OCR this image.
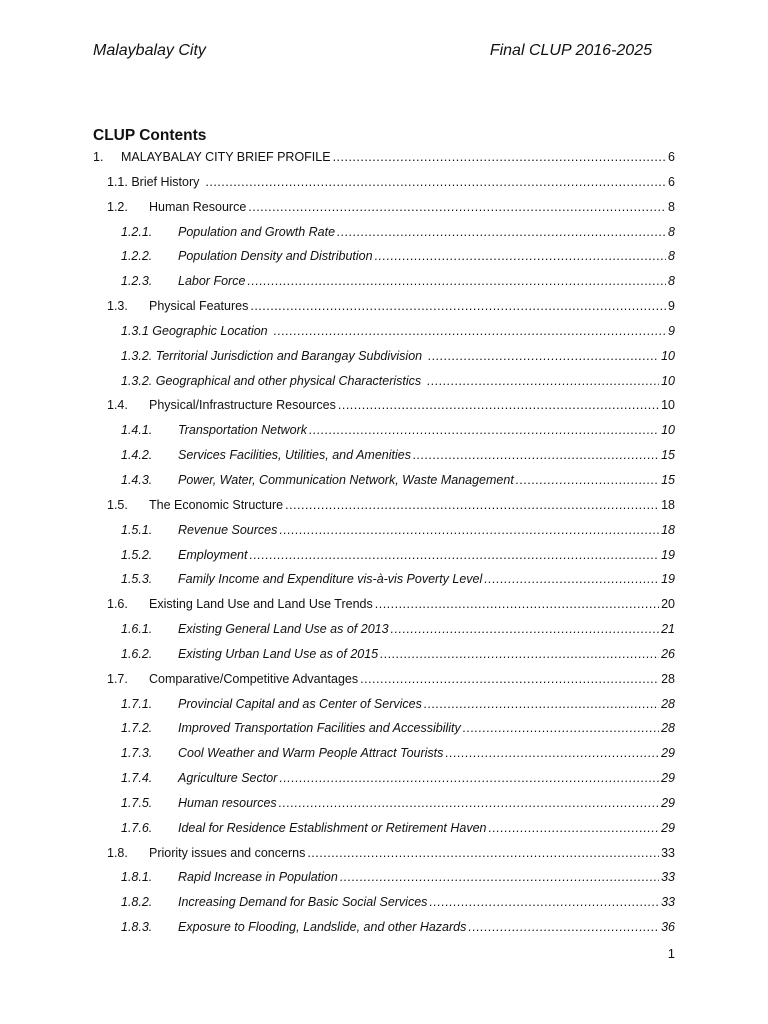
Malaybalay City	Final CLUP 2016-2025
CLUP Contents
1.	MALAYBALAY CITY BRIEF PROFILE .....	6
1.1. Brief History .....	6
1.2.	Human Resource .....	8
1.2.1.	Population and Growth Rate .....	8
1.2.2.	Population Density and Distribution .....	8
1.2.3.	Labor Force .....	8
1.3.	Physical Features .....	9
1.3.1 Geographic Location .....	9
1.3.2. Territorial Jurisdiction and Barangay Subdivision .....	10
1.3.2. Geographical and other physical Characteristics .....	10
1.4.	Physical/Infrastructure Resources .....	10
1.4.1.	Transportation Network .....	10
1.4.2.	Services Facilities, Utilities, and Amenities .....	15
1.4.3.	Power, Water, Communication Network, Waste Management .....	15
1.5.	The Economic Structure .....	18
1.5.1.	Revenue Sources .....	18
1.5.2.	Employment .....	19
1.5.3.	Family Income and Expenditure vis-à-vis Poverty Level .....	19
1.6.	Existing Land Use and Land Use Trends .....	20
1.6.1.	Existing General Land Use as of 2013 .....	21
1.6.2.	Existing Urban Land Use as of 2015 .....	26
1.7.	Comparative/Competitive Advantages .....	28
1.7.1.	Provincial Capital and as Center of Services .....	28
1.7.2.	Improved Transportation Facilities and Accessibility .....	28
1.7.3.	Cool Weather and Warm People Attract Tourists .....	29
1.7.4.	Agriculture Sector .....	29
1.7.5.	Human resources .....	29
1.7.6.	Ideal for Residence Establishment or Retirement Haven .....	29
1.8.	Priority issues and concerns .....	33
1.8.1.	Rapid Increase in Population .....	33
1.8.2.	Increasing Demand for Basic Social Services .....	33
1.8.3.	Exposure to Flooding, Landslide, and other Hazards .....	36
1
